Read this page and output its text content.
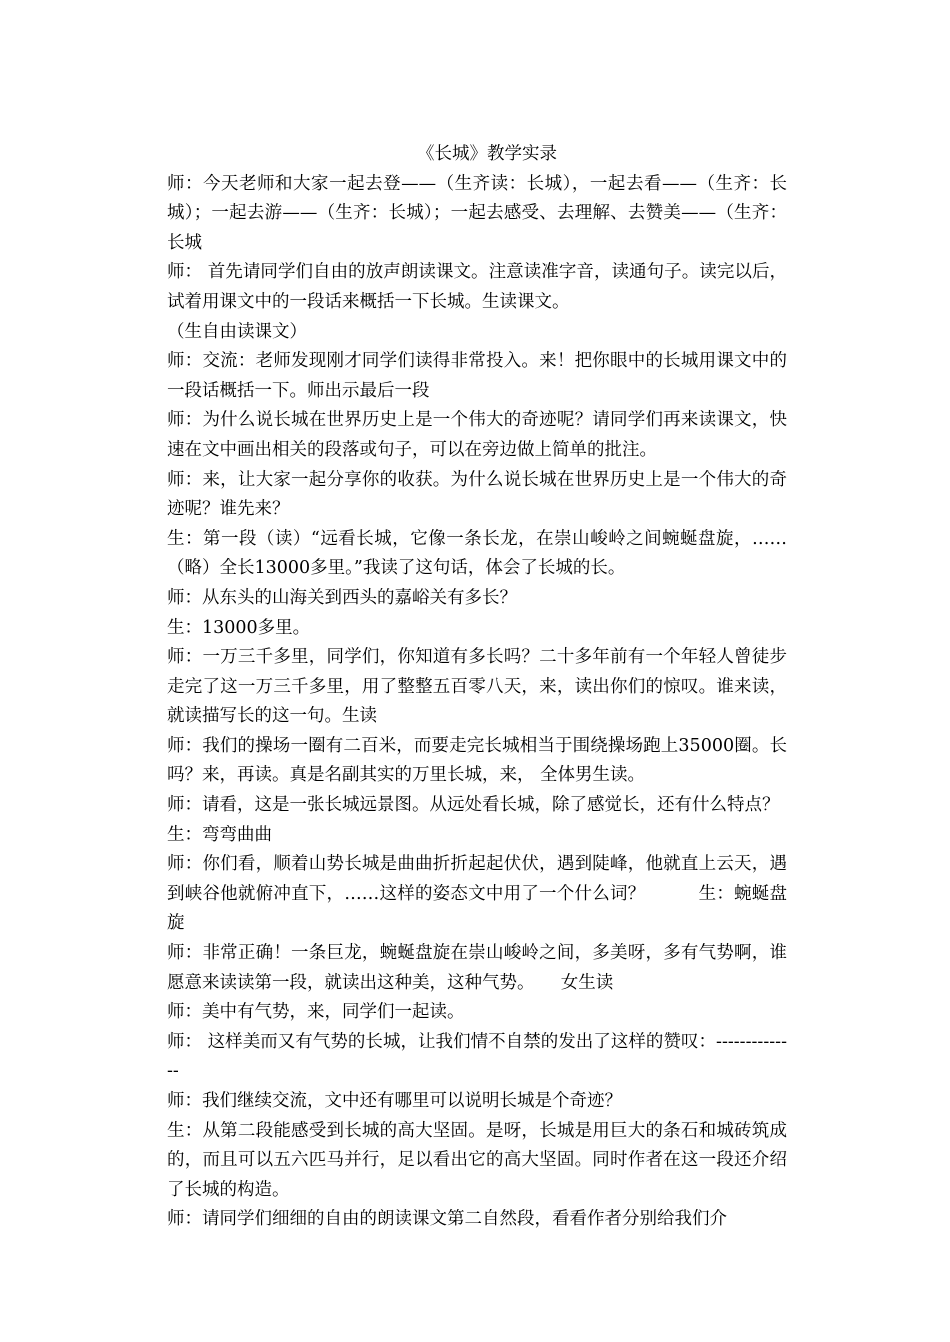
《长城》教学实录

师：今天老师和大家一起去登——（生齐读：长城），一起去看——（生齐：长城）；一起去游——（生齐：长城）；一起去感受、去理解、去赞美——（生齐：长城

师： 首先请同学们自由的放声朗读课文。注意读准字音，读通句子。读完以后，试着用课文中的一段话来概括一下长城。生读课文。

（生自由读课文）

师：交流：老师发现刚才同学们读得非常投入。来！把你眼中的长城用课文中的一段话概括一下。师出示最后一段

师：为什么说长城在世界历史上是一个伟大的奇迹呢？请同学们再来读课文，快速在文中画出相关的段落或句子，可以在旁边做上简单的批注。

师：来，让大家一起分享你的收获。为什么说长城在世界历史上是一个伟大的奇迹呢？谁先来？

生：第一段（读）“远看长城，它像一条长龙，在崇山峻岭之间蜿蜒盘旋，……（略）全长13000多里。”我读了这句话，体会了长城的长。

师：从东头的山海关到西头的嘉峪关有多长？

生：13000多里。

师：一万三千多里，同学们，你知道有多长吗？二十多年前有一个年轻人曾徒步走完了这一万三千多里，用了整整五百零八天，来，读出你们的惊叹。谁来读，就读描写长的这一句。生读

师：我们的操场一圈有二百米，而要走完长城相当于围绕操场跑上35000圈。长吗？来，再读。真是名副其实的万里长城，来， 全体男生读。

师：请看，这是一张长城远景图。从远处看长城，除了感觉长，还有什么特点？

生：弯弯曲曲

师：你们看，顺着山势长城是曲曲折折起起伏伏，遇到陡峰，他就直上云天，遇到峡谷他就俯冲直下，……这样的姿态文中用了一个什么词？　　　生：蜿蜒盘旋

师：非常正确！一条巨龙，蜿蜒盘旋在崇山峻岭之间，多美呀，多有气势啊，谁愿意来读读第一段，就读出这种美，这种气势。　　女生读

师：美中有气势，来，同学们一起读。

师： 这样美而又有气势的长城，让我们情不自禁的发出了这样的赞叹：--------------

师：我们继续交流，文中还有哪里可以说明长城是个奇迹？

生：从第二段能感受到长城的高大坚固。是呀，长城是用巨大的条石和城砖筑成的，而且可以五六匹马并行，足以看出它的高大坚固。同时作者在这一段还介绍了长城的构造。

师：请同学们细细的自由的朗读课文第二自然段，看看作者分别给我们介
